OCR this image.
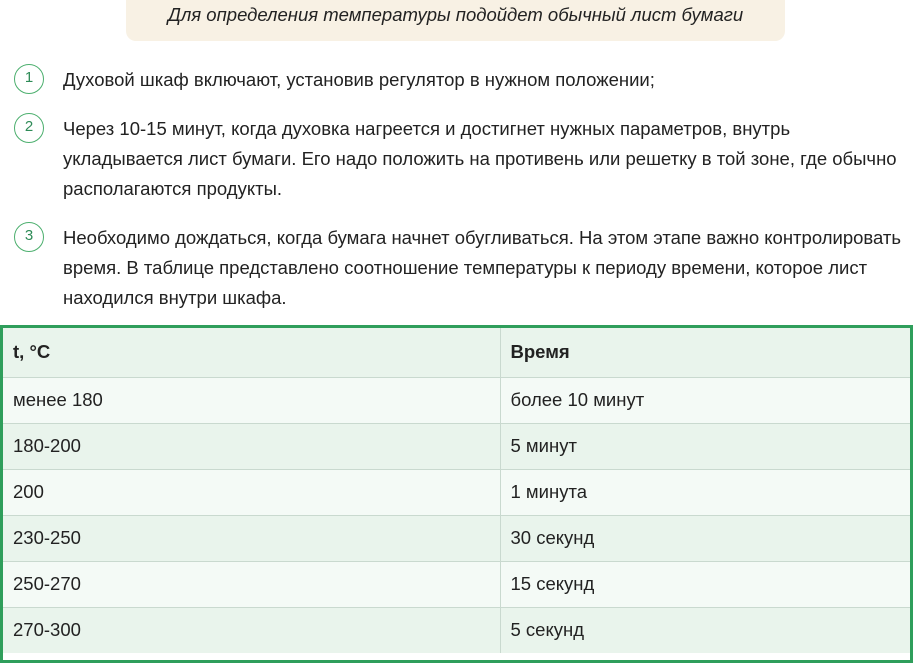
Для определения температуры подойдет обычный лист бумаги
1	Духовой шкаф включают, установив регулятор в нужном положении;
2	Через 10-15 минут, когда духовка нагреется и достигнет нужных параметров, внутрь укладывается лист бумаги. Его надо положить на противень или решетку в той зоне, где обычно располагаются продукты.
3	Необходимо дождаться, когда бумага начнет обугливаться. На этом этапе важно контролировать время. В таблице представлено соотношение температуры к периоду времени, которое лист находился внутри шкафа.
t, °C	Время
менее 180	более 10 минут
180-200	5 минут
200	1 минута
230-250	30 секунд
250-270	15 секунд
270-300	5 секунд
